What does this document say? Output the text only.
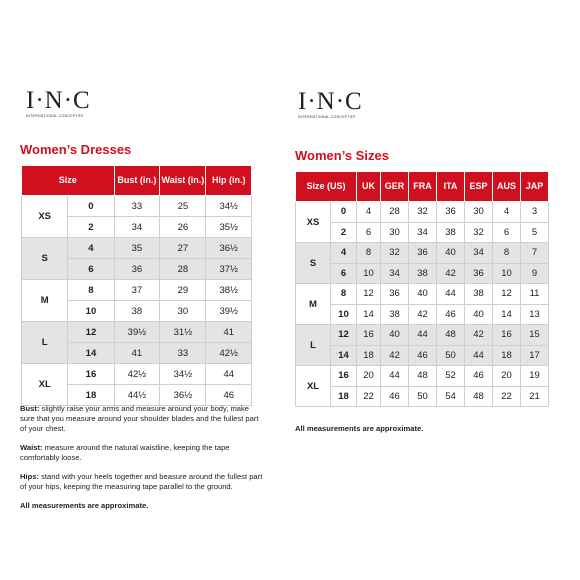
I·N·C
INTERNATIONAL CONCEPTS®
I·N·C
INTERNATIONAL CONCEPTS®
Women’s Dresses	Women’s Sizes
Size		Bust (in.)	Waist (in.)	Hip (in.)
XS	0	33	25	34½
	2	34	26	35½
S	4	35	27	36½
	6	36	28	37½
M	8	37	29	38½
	10	38	30	39½
L	12	39½	31½	41
	14	41	33	42½
XL	16	42½	34½	44
	18	44½	36½	46
Size (US)		UK	GER	FRA	ITA	ESP	AUS	JAP
XS	0	4	28	32	36	30	4	3
	2	6	30	34	38	32	6	5
S	4	8	32	36	40	34	8	7
	6	10	34	38	42	36	10	9
M	8	12	36	40	44	38	12	11
	10	14	38	42	46	40	14	13
L	12	16	40	44	48	42	16	15
	14	18	42	46	50	44	18	17
XL	16	20	44	48	52	46	20	19
	18	22	46	50	54	48	22	21

Bust: slightly raise your arms and measure around your body, make sure that you measure around your shoulder blades and the fullest part of your chest.

Waist: measure around the natural waistline, keeping the tape comfortably loose.

Hips: stand with your heels together and beasure around the fullest part of your hips, keeping the measuring tape parallel to the ground.

All measurements are approximate.

All measurements are approximate.
